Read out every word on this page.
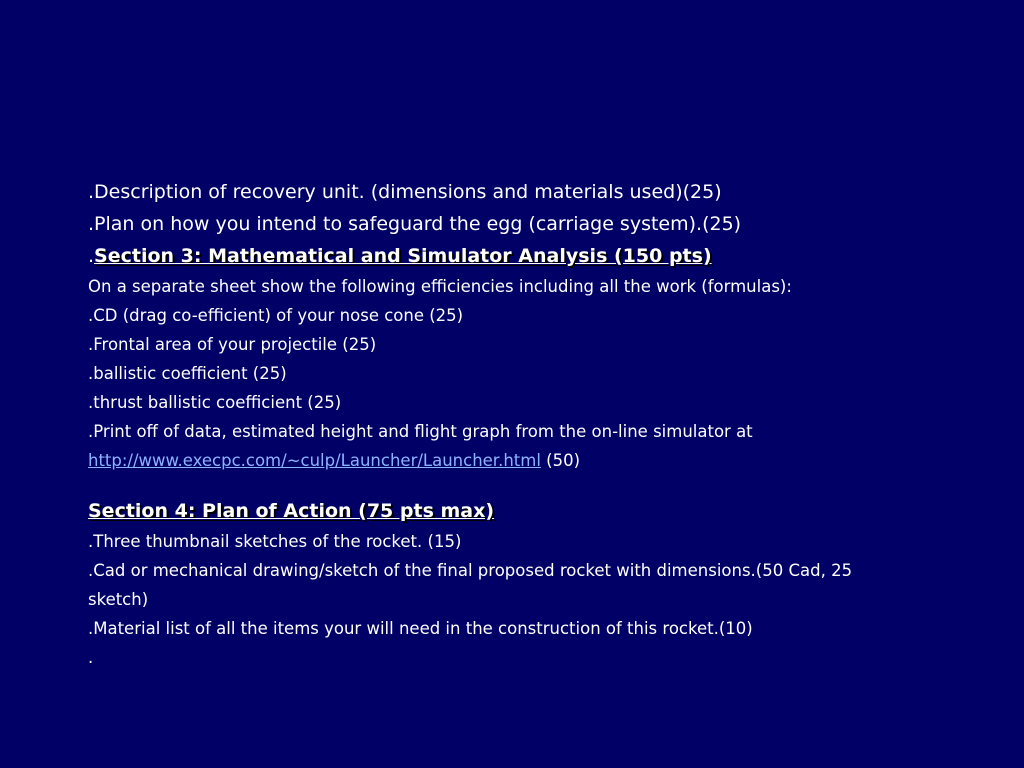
.Description of recovery unit. (dimensions and materials used)(25)

.Plan on how you intend to safeguard the egg (carriage system).(25)

.Section 3: Mathematical and Simulator Analysis (150 pts)

On a separate sheet show the following efficiencies including all the work (formulas):

.CD (drag co-efficient) of your nose cone (25)

.Frontal area of your projectile (25)

.ballistic coefficient (25)

.thrust ballistic coefficient (25)

.Print off of data, estimated height and flight graph from the on-line simulator at

http://www.execpc.com/~culp/Launcher/Launcher.html (50)

Section 4: Plan of Action (75 pts max)

.Three thumbnail sketches of the rocket. (15)

.Cad or mechanical drawing/sketch of the final proposed rocket with dimensions.(50 Cad, 25

sketch)

.Material list of all the items your will need in the construction of this rocket.(10)

.
